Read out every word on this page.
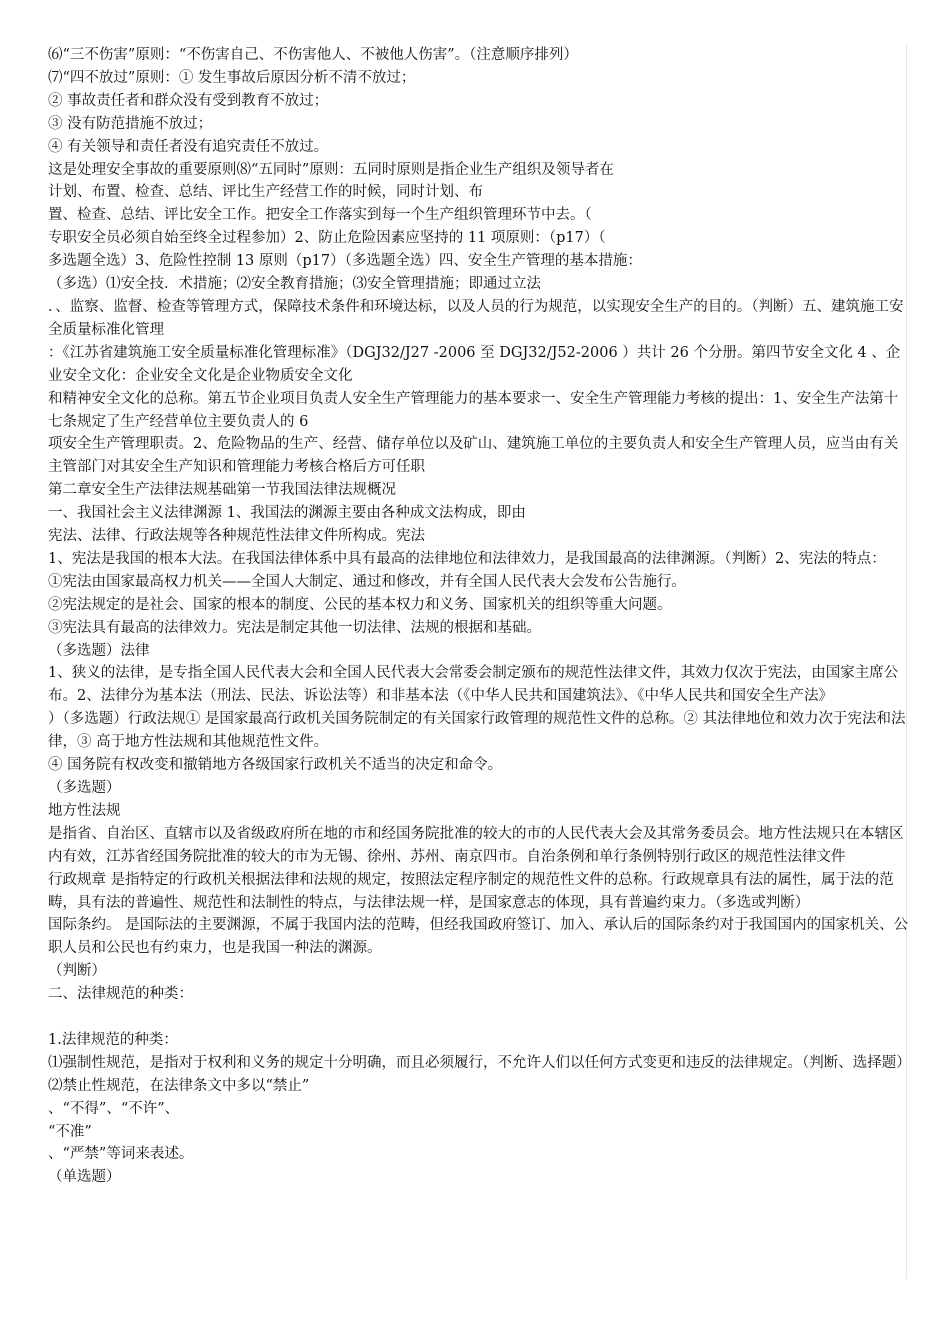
⑹“三不伤害”原则：“不伤害自己、不伤害他人、不被他人伤害”。（注意顺序排列）
⑺“四不放过”原则：① 发生事故后原因分析不清不放过；
② 事故责任者和群众没有受到教育不放过；
③ 没有防范措施不放过；
④ 有关领导和责任者没有追究责任不放过。
这是处理安全事故的重要原则⑻“五同时”原则：五同时原则是指企业生产组织及领导者在
计划、布置、检查、总结、评比生产经营工作的时候，同时计划、布
置、检查、总结、评比安全工作。把安全工作落实到每一个生产组织管理环节中去。（
专职安全员必须自始至终全过程参加）2、防止危险因素应坚持的 11 项原则：（p17）（
多选题全选）3、危险性控制 13 原则（p17）（多选题全选）四、安全生产管理的基本措施：
（多选）⑴安全技．术措施；⑵安全教育措施；⑶安全管理措施；即通过立法
．、监察、监督、检查等管理方式，保障技术条件和环境达标，以及人员的行为规范，以实现安全生产的目的。（判断）五、建筑施工安全质量标准化管理
：《江苏省建筑施工安全质量标准化管理标准》（DGJ32/J27 -2006 至 DGJ32/J52-2006 ）共计 26 个分册。第四节安全文化 4 、企业安全文化：企业安全文化是企业物质安全文化
和精神安全文化的总称。第五节企业项目负责人安全生产管理能力的基本要求一、安全生产管理能力考核的提出：1、安全生产法第十七条规定了生产经营单位主要负责人的 6
项安全生产管理职责。2、危险物品的生产、经营、储存单位以及矿山、建筑施工单位的主要负责人和安全生产管理人员，应当由有关主管部门对其安全生产知识和管理能力考核合格后方可任职
第二章安全生产法律法规基础第一节我国法律法规概况
一、我国社会主义法律渊源 1、我国法的渊源主要由各种成文法构成，即由
宪法、法律、行政法规等各种规范性法律文件所构成。宪法
1、宪法是我国的根本大法。在我国法律体系中具有最高的法律地位和法律效力，是我国最高的法律渊源。（判断）2、宪法的特点：
①宪法由国家最高权力机关——全国人大制定、通过和修改，并有全国人民代表大会发布公告施行。
②宪法规定的是社会、国家的根本的制度、公民的基本权力和义务、国家机关的组织等重大问题。
③宪法具有最高的法律效力。宪法是制定其他一切法律、法规的根据和基础。
（多选题）法律
1、狭义的法律，是专指全国人民代表大会和全国人民代表大会常委会制定颁布的规范性法律文件，其效力仅次于宪法，由国家主席公布。2、法律分为基本法（刑法、民法、诉讼法等）和非基本法（《中华人民共和国建筑法》、《中华人民共和国安全生产法》
）（多选题）行政法规① 是国家最高行政机关国务院制定的有关国家行政管理的规范性文件的总称。② 其法律地位和效力次于宪法和法律，③ 高于地方性法规和其他规范性文件。
④ 国务院有权改变和撤销地方各级国家行政机关不适当的决定和命令。
（多选题）
地方性法规
是指省、自治区、直辖市以及省级政府所在地的市和经国务院批准的较大的市的人民代表大会及其常务委员会。地方性法规只在本辖区内有效，江苏省经国务院批准的较大的市为无锡、徐州、苏州、南京四市。自治条例和单行条例特别行政区的规范性法律文件
行政规章 是指特定的行政机关根据法律和法规的规定，按照法定程序制定的规范性文件的总称。行政规章具有法的属性，属于法的范畴，具有法的普遍性、规范性和法制性的特点，与法律法规一样，是国家意志的体现，具有普遍约束力。（多选或判断）
国际条约。 是国际法的主要渊源，不属于我国内法的范畴，但经我国政府签订、加入、承认后的国际条约对于我国国内的国家机关、公职人员和公民也有约束力，也是我国一种法的渊源。
（判断）
二、法律规范的种类：
1.法律规范的种类：
⑴强制性规范，是指对于权利和义务的规定十分明确，而且必须履行，不允许人们以任何方式变更和违反的法律规定。（判断、选择题）⑵禁止性规范，在法律条文中多以“禁止”
、“不得”、“不许”、
“不准”
、“严禁”等词来表述。
（单选题）
